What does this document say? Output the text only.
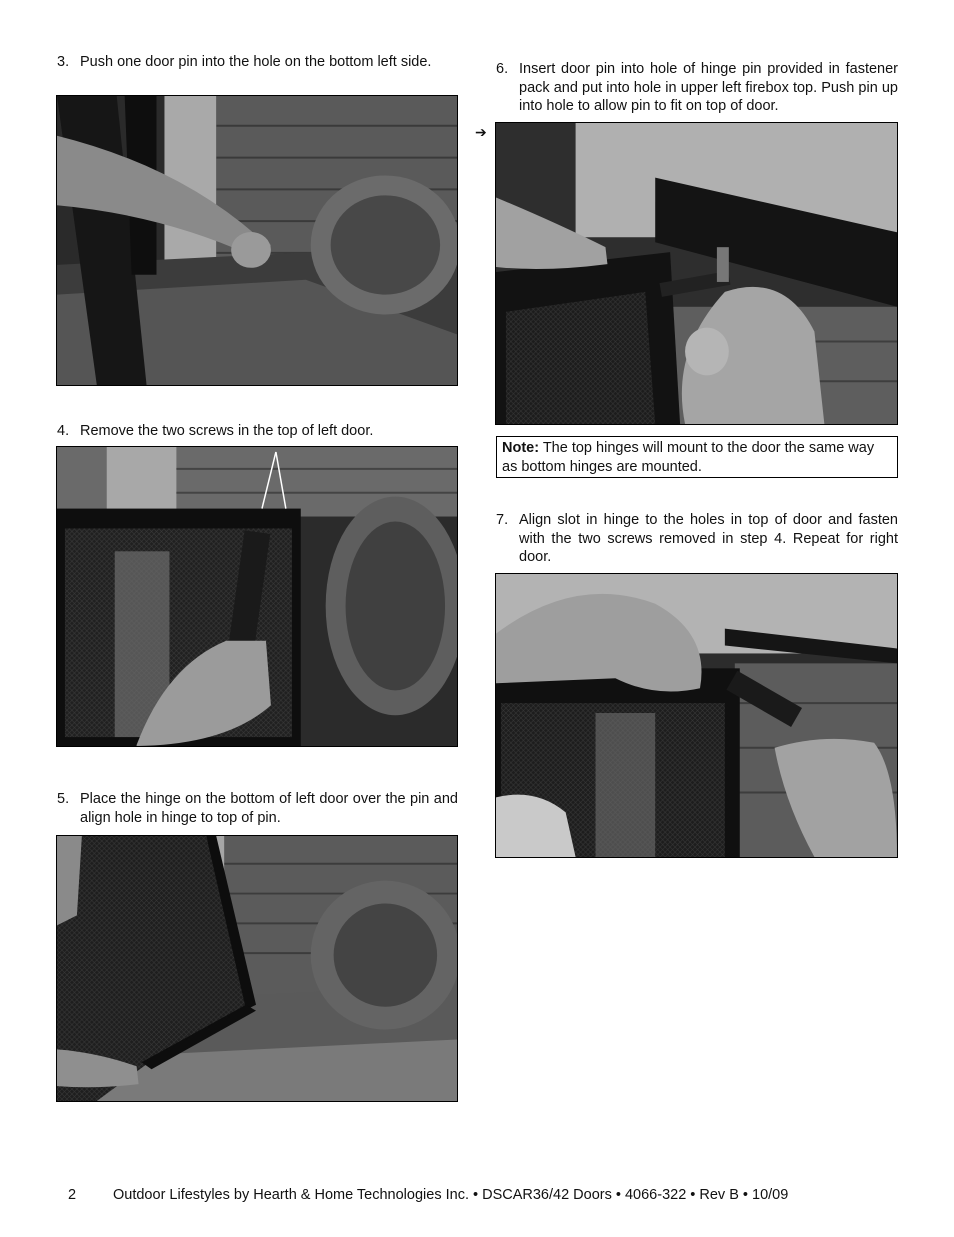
3. Push one door pin into the hole on the bottom left side.
4. Remove the two screws in the top of left door.
5. Place the hinge on the bottom of left door over the pin and align hole in hinge to top of pin.
6. Insert door pin into hole of hinge pin provided in fastener pack and put into hole in upper left firebox top. Push pin up into hole to allow pin to fit on top of door.
➔
Note: The top hinges will mount to the door the same way as bottom hinges are mounted.
7. Align slot in hinge to the holes in top of door and fasten with the two screws removed in step 4. Repeat for right door.
2	Outdoor Lifestyles by Hearth & Home Technologies Inc. • DSCAR36/42 Doors • 4066-322 • Rev B • 10/09
